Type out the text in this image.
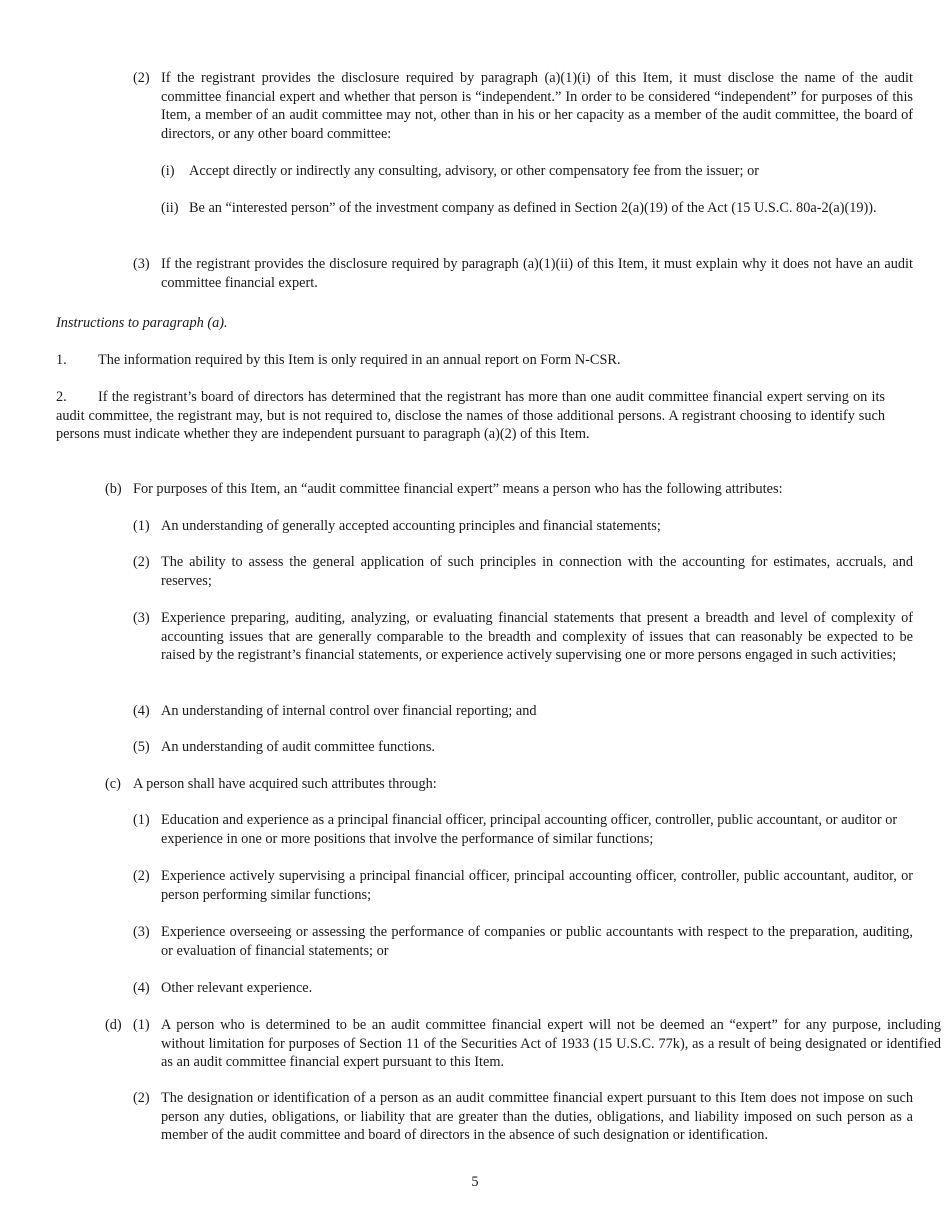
(2) If the registrant provides the disclosure required by paragraph (a)(1)(i) of this Item, it must disclose the name of the audit committee financial expert and whether that person is “independent.” In order to be considered “independent” for purposes of this Item, a member of an audit committee may not, other than in his or her capacity as a member of the audit committee, the board of directors, or any other board committee:

(i) Accept directly or indirectly any consulting, advisory, or other compensatory fee from the issuer; or

(ii) Be an “interested person” of the investment company as defined in Section 2(a)(19) of the Act (15 U.S.C. 80a-2(a)(19)).

(3) If the registrant provides the disclosure required by paragraph (a)(1)(ii) of this Item, it must explain why it does not have an audit committee financial expert.

Instructions to paragraph (a).

1. The information required by this Item is only required in an annual report on Form N-CSR.

2. If the registrant’s board of directors has determined that the registrant has more than one audit committee financial expert serving on its audit committee, the registrant may, but is not required to, disclose the names of those additional persons. A registrant choosing to identify such persons must indicate whether they are independent pursuant to paragraph (a)(2) of this Item.

(b) For purposes of this Item, an “audit committee financial expert” means a person who has the following attributes:

(1) An understanding of generally accepted accounting principles and financial statements;

(2) The ability to assess the general application of such principles in connection with the accounting for estimates, accruals, and reserves;

(3) Experience preparing, auditing, analyzing, or evaluating financial statements that present a breadth and level of complexity of accounting issues that are generally comparable to the breadth and complexity of issues that can reasonably be expected to be raised by the registrant’s financial statements, or experience actively supervising one or more persons engaged in such activities;

(4) An understanding of internal control over financial reporting; and

(5) An understanding of audit committee functions.

(c) A person shall have acquired such attributes through:

(1) Education and experience as a principal financial officer, principal accounting officer, controller, public accountant, or auditor or experience in one or more positions that involve the performance of similar functions;

(2) Experience actively supervising a principal financial officer, principal accounting officer, controller, public accountant, auditor, or person performing similar functions;

(3) Experience overseeing or assessing the performance of companies or public accountants with respect to the preparation, auditing, or evaluation of financial statements; or

(4) Other relevant experience.

(d) (1) A person who is determined to be an audit committee financial expert will not be deemed an “expert” for any purpose, including without limitation for purposes of Section 11 of the Securities Act of 1933 (15 U.S.C. 77k), as a result of being designated or identified as an audit committee financial expert pursuant to this Item.

(2) The designation or identification of a person as an audit committee financial expert pursuant to this Item does not impose on such person any duties, obligations, or liability that are greater than the duties, obligations, and liability imposed on such person as a member of the audit committee and board of directors in the absence of such designation or identification.

5
